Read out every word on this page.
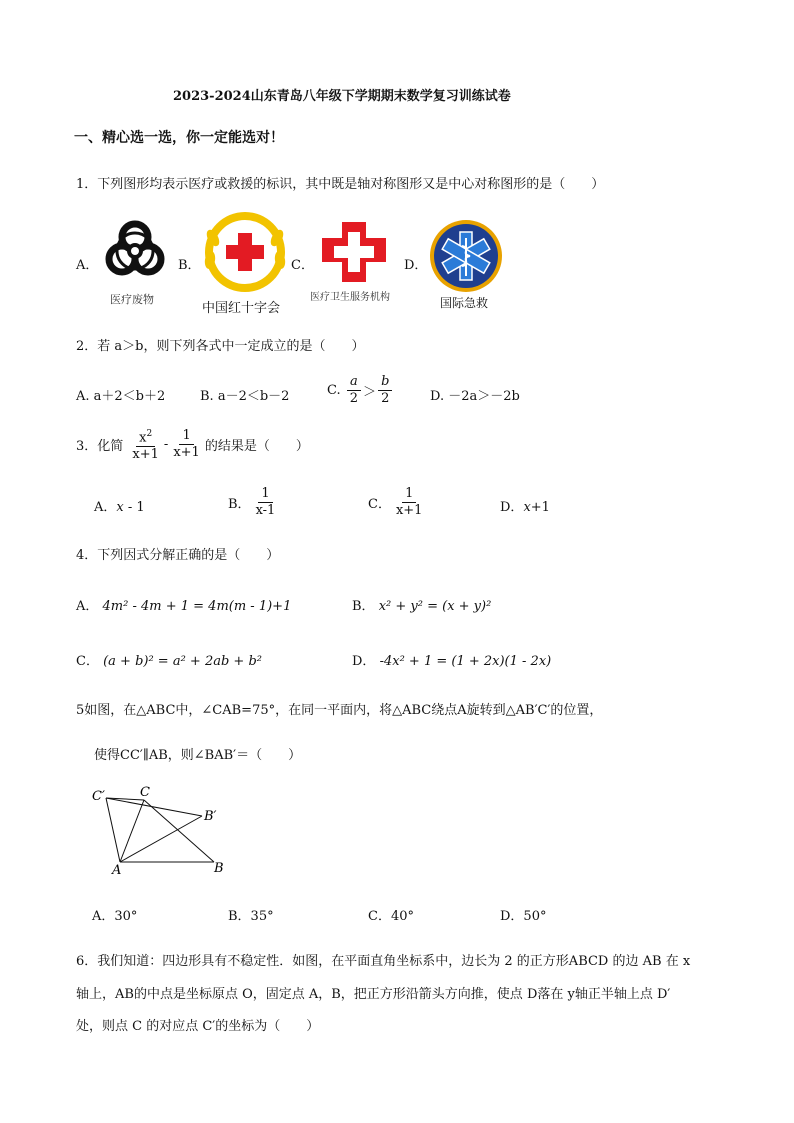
2023-2024山东青岛八年级下学期期末数学复习训练试卷
一、精心选一选，你一定能选对！
1．下列图形均表示医疗或救援的标识，其中既是轴对称图形又是中心对称图形的是（　　）
A．
医疗废物
B．
中国红十字会
C．
医疗卫生服务机构
D．
国际急救
2．若 a＞b，则下列各式中一定成立的是（　　）
A. a＋2＜b＋2	B. a－2＜b－2	C. $\frac{a}{2} > \frac{b}{2}$	D. －2a＞－2b
3．化简 $\frac{x^2}{x+1} - \frac{1}{x+1}$ 的结果是（　　）
A．x - 1	B． $\frac{1}{x-1}$	C． $\frac{1}{x+1}$	D．x+1
4．下列因式分解正确的是（　　）
A． 4m² - 4m + 1 = 4m(m - 1)+1	B． x² + y² = (x + y)²
C． (a + b)² = a² + 2ab + b²	D． -4x² + 1 = (1 + 2x)(1 - 2x)
5如图，在△ABC中，∠CAB=75°，在同一平面内，将△ABC绕点A旋转到△AB′C′的位置，
使得CC′∥AB，则∠BAB′＝（　　）
C′	C
B′
A	B
A．30°	B．35°	C．40°	D．50°
6．我们知道：四边形具有不稳定性．如图，在平面直角坐标系中，边长为 2 的正方形ABCD 的边 AB 在 x
轴上，AB的中点是坐标原点 O，固定点 A，B，把正方形沿箭头方向推，使点 D落在 y轴正半轴上点 D′
处，则点 C 的对应点 C′的坐标为（　　）
